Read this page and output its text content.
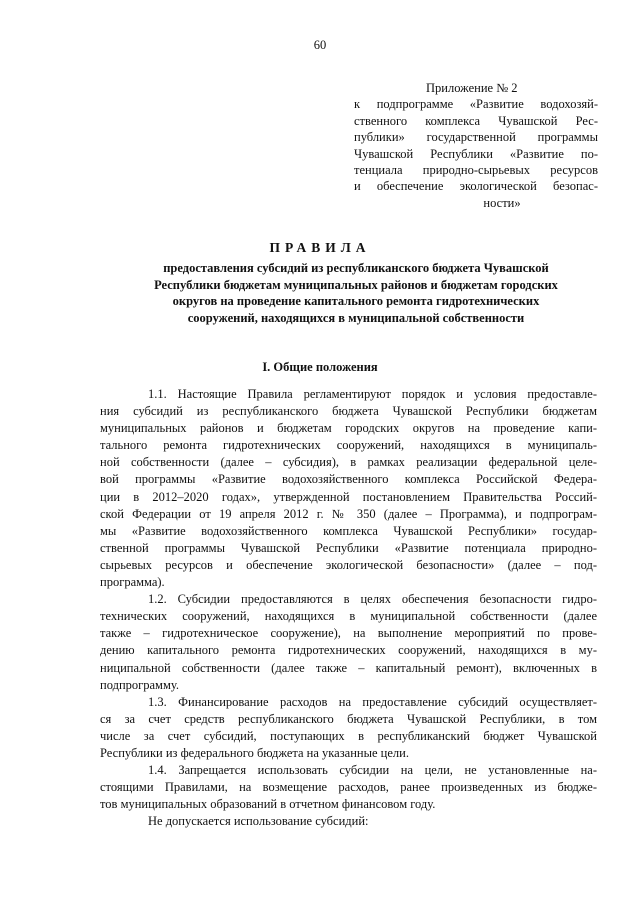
60
Приложение № 2
к подпрограмме «Развитие водохозяй-
ственного комплекса Чувашской Рес-
публики» государственной программы
Чувашской Республики «Развитие по-
тенциала природно-сырьевых ресурсов
и обеспечение экологической безопас-
ности»
ПРАВИЛА
предоставления субсидий из республиканского бюджета Чувашской
Республики бюджетам муниципальных районов и бюджетам городских
округов на проведение капитального ремонта гидротехнических
сооружений, находящихся в муниципальной собственности
I. Общие положения
1.1. Настоящие Правила регламентируют порядок и условия предоставле-
ния субсидий из республиканского бюджета Чувашской Республики бюджетам
муниципальных районов и бюджетам городских округов на проведение капи-
тального ремонта гидротехнических сооружений, находящихся в муниципаль-
ной собственности (далее – субсидия), в рамках реализации федеральной целе-
вой программы «Развитие водохозяйственного комплекса Российской Федера-
ции в 2012–2020 годах», утвержденной постановлением Правительства Россий-
ской Федерации от 19 апреля 2012 г. № 350 (далее – Программа), и подпрограм-
мы «Развитие водохозяйственного комплекса Чувашской Республики» государ-
ственной программы Чувашской Республики «Развитие потенциала природно-
сырьевых ресурсов и обеспечение экологической безопасности» (далее – под-
программа).
1.2. Субсидии предоставляются в целях обеспечения безопасности гидро-
технических сооружений, находящихся в муниципальной собственности (далее
также – гидротехническое сооружение), на выполнение мероприятий по прове-
дению капитального ремонта гидротехнических сооружений, находящихся в му-
ниципальной собственности (далее также – капитальный ремонт), включенных в
подпрограмму.
1.3. Финансирование расходов на предоставление субсидий осуществляет-
ся за счет средств республиканского бюджета Чувашской Республики, в том
числе за счет субсидий, поступающих в республиканский бюджет Чувашской
Республики из федерального бюджета на указанные цели.
1.4. Запрещается использовать субсидии на цели, не установленные на-
стоящими Правилами, на возмещение расходов, ранее произведенных из бюдже-
тов муниципальных образований в отчетном финансовом году.
Не допускается использование субсидий:
